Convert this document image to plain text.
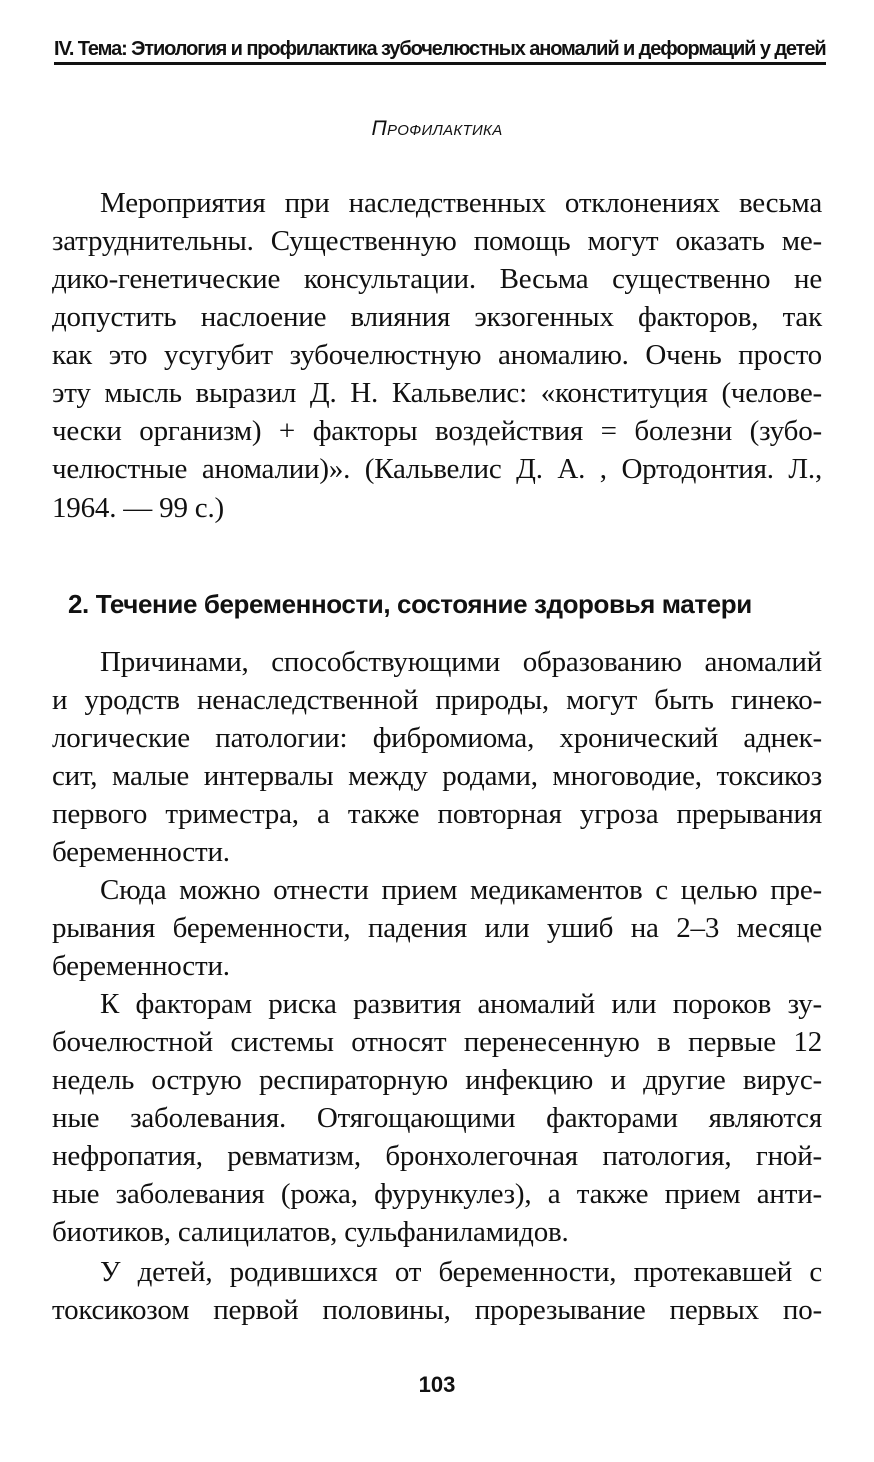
IV. Тема: Этиология и профилактика зубочелюстных аномалий и деформаций у детей
Профилактика
Мероприятия при наследственных отклонениях весьма
затруднительны. Существенную помощь могут оказать ме-
дико-генетические консультации. Весьма существенно не
допустить наслоение влияния экзогенных факторов, так
как это усугубит зубочелюстную аномалию. Очень просто
эту мысль выразил Д. Н. Кальвелис: «конституция (челове-
чески организм) + факторы воздействия = болезни (зубо-
челюстные аномалии)». (Кальвелис Д. А. , Ортодонтия. Л.,
1964. — 99 с.)
2. Течение беременности, состояние здоровья матери
Причинами, способствующими образованию аномалий
и уродств ненаследственной природы, могут быть гинеко-
логические патологии: фибромиома, хронический аднек-
сит, малые интервалы между родами, многоводие, токсикоз
первого триместра, а также повторная угроза прерывания
беременности.
Сюда можно отнести прием медикаментов с целью пре-
рывания беременности, падения или ушиб на 2–3 месяце
беременности.
К факторам риска развития аномалий или пороков зу-
бочелюстной системы относят перенесенную в первые 12
недель острую респираторную инфекцию и другие вирус-
ные заболевания. Отягощающими факторами являются
нефропатия, ревматизм, бронхолегочная патология, гной-
ные заболевания (рожа, фурункулез), а также прием анти-
биотиков, салицилатов, сульфаниламидов.
У детей, родившихся от беременности, протекавшей с
токсикозом первой половины, прорезывание первых по-
103
